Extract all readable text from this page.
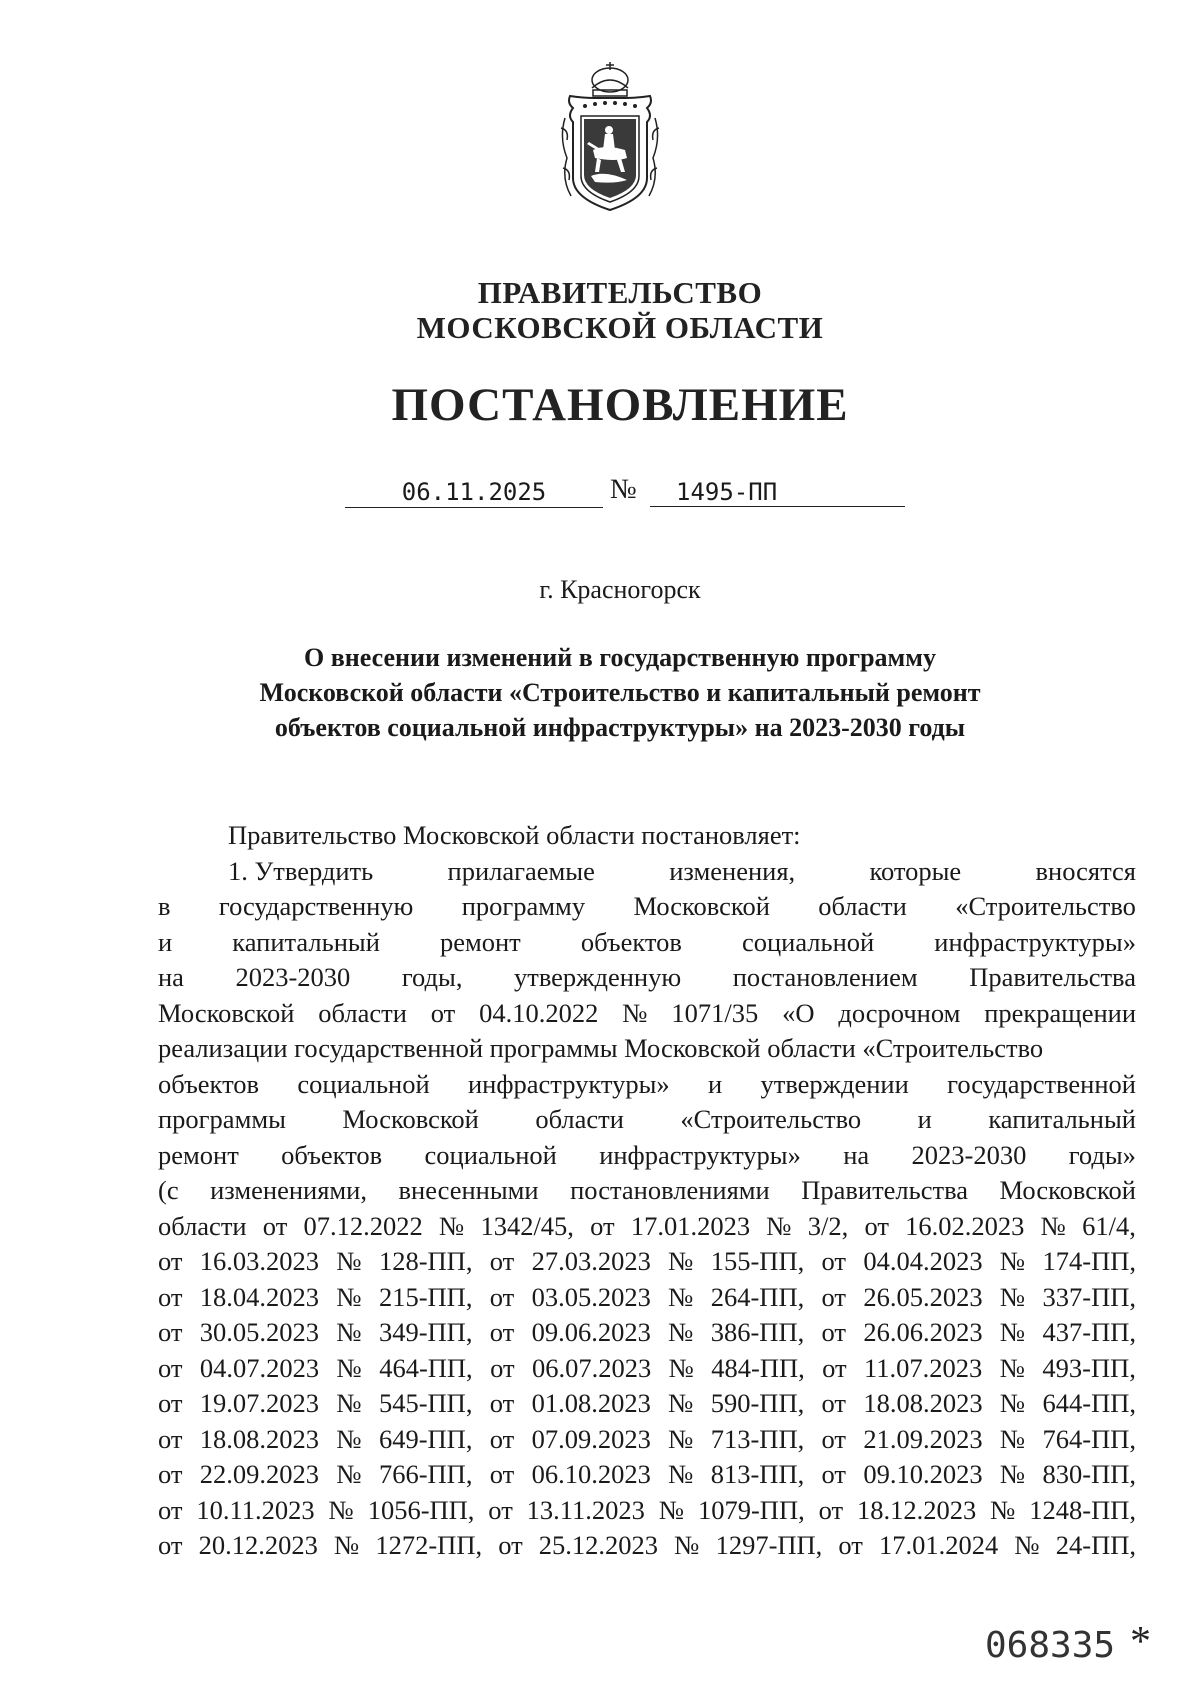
ПРАВИТЕЛЬСТВО
МОСКОВСКОЙ ОБЛАСТИ
ПОСТАНОВЛЕНИЕ
06.11.2025	№	1495-ПП
г. Красногорск
О внесении изменений в государственную программу
Московской области «Строительство и капитальный ремонт
объектов социальной инфраструктуры» на 2023-2030 годы
Правительство Московской области постановляет:
1. Утвердить	прилагаемые	изменения,	которые	вносятся
в государственную программу Московской области «Строительство
и капитальный ремонт объектов социальной инфраструктуры»
на 2023-2030 годы, утвержденную постановлением Правительства
Московской области от 04.10.2022 № 1071/35 «О досрочном прекращении
реализации государственной программы Московской области «Строительство
объектов социальной инфраструктуры» и утверждении государственной
программы Московской области «Строительство и капитальный
ремонт объектов социальной инфраструктуры» на 2023-2030 годы»
(с изменениями, внесенными постановлениями Правительства Московской
области от 07.12.2022 № 1342/45, от 17.01.2023 № 3/2, от 16.02.2023 № 61/4,
от 16.03.2023 № 128-ПП, от 27.03.2023 № 155-ПП, от 04.04.2023 № 174-ПП,
от 18.04.2023 № 215-ПП, от 03.05.2023 № 264-ПП, от 26.05.2023 № 337-ПП,
от 30.05.2023 № 349-ПП, от 09.06.2023 № 386-ПП, от 26.06.2023 № 437-ПП,
от 04.07.2023 № 464-ПП, от 06.07.2023 № 484-ПП, от 11.07.2023 № 493-ПП,
от 19.07.2023 № 545-ПП, от 01.08.2023 № 590-ПП, от 18.08.2023 № 644-ПП,
от 18.08.2023 № 649-ПП, от 07.09.2023 № 713-ПП, от 21.09.2023 № 764-ПП,
от 22.09.2023 № 766-ПП, от 06.10.2023 № 813-ПП, от 09.10.2023 № 830-ПП,
от 10.11.2023 № 1056-ПП, от 13.11.2023 № 1079-ПП, от 18.12.2023 № 1248-ПП,
от 20.12.2023 № 1272-ПП, от 25.12.2023 № 1297-ПП, от 17.01.2024 № 24-ПП,
068335 *
